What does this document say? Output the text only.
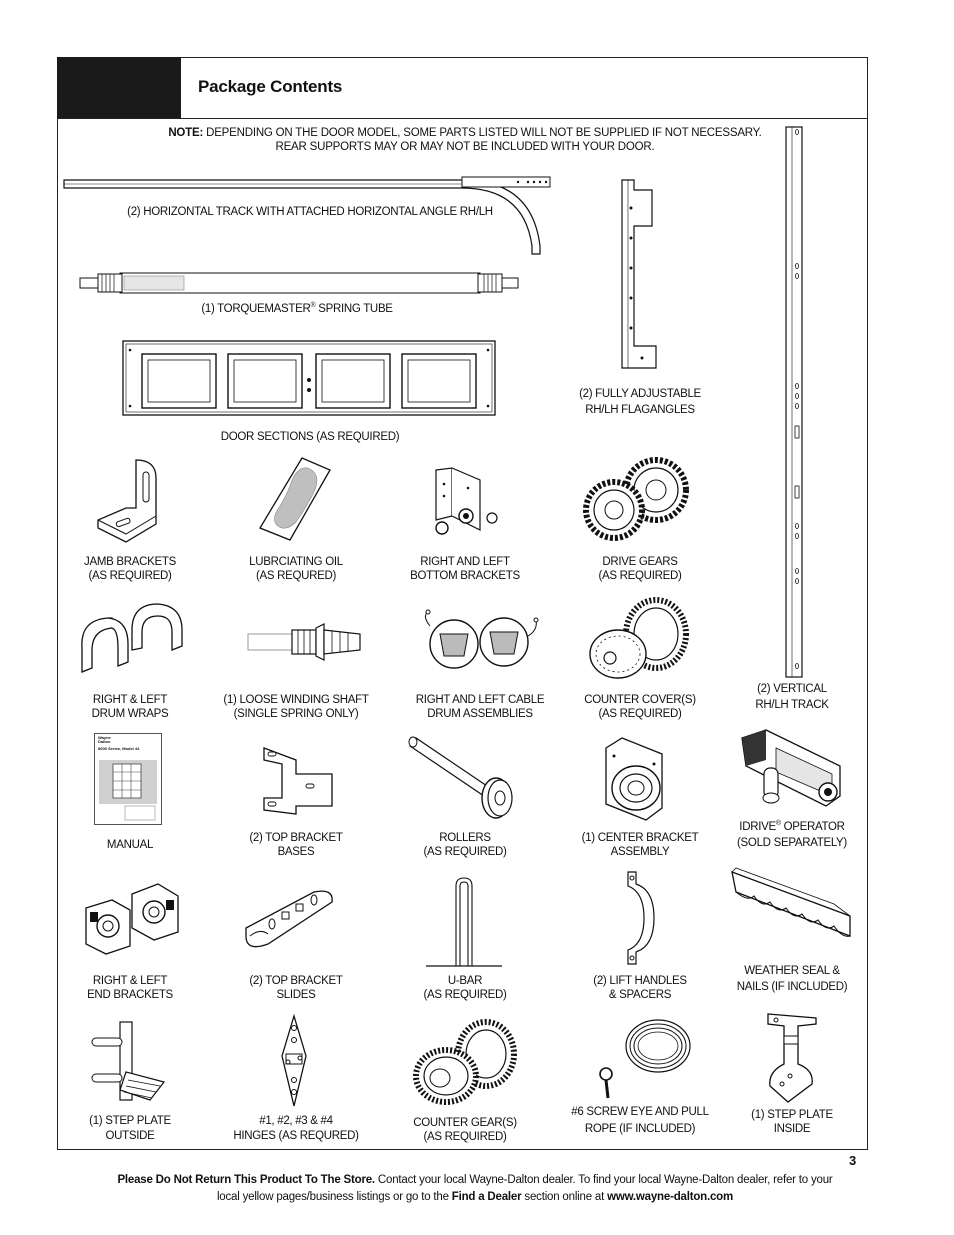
Package Contents
NOTE: DEPENDING ON THE DOOR MODEL, SOME PARTS LISTED WILL NOT BE SUPPLIED IF NOT NECESSARY.
REAR SUPPORTS MAY OR MAY NOT BE INCLUDED WITH YOUR DOOR.
(2) HORIZONTAL TRACK WITH ATTACHED HORIZONTAL ANGLE RH/LH
(1) TORQUEMASTER® SPRING TUBE
DOOR SECTIONS (AS REQUIRED)
(2) FULLY ADJUSTABLE
RH/LH FLAGANGLES
(2) VERTICAL
RH/LH TRACK
JAMB BRACKETS
(AS REQUIRED)
LUBRCIATING OIL
(AS REQURED)
RIGHT AND LEFT
BOTTOM BRACKETS
DRIVE GEARS
(AS REQUIRED)
RIGHT & LEFT
DRUM WRAPS
(1) LOOSE WINDING SHAFT
(SINGLE SPRING ONLY)
RIGHT AND LEFT CABLE
DRUM ASSEMBLIES
COUNTER COVER(S)
(AS REQUIRED)
Wayne Dalton
8000 Series, Model 44
MANUAL
(2) TOP BRACKET
BASES
ROLLERS
(AS REQUIRED)
(1) CENTER BRACKET
ASSEMBLY
IDRIVE® OPERATOR
(SOLD SEPARATELY)
RIGHT & LEFT
END BRACKETS
(2) TOP BRACKET
SLIDES
U-BAR
(AS REQUIRED)
(2) LIFT HANDLES
& SPACERS
WEATHER SEAL &
NAILS (IF INCLUDED)
(1) STEP PLATE
OUTSIDE
#1, #2, #3 & #4
HINGES (AS REQURED)
COUNTER GEAR(S)
(AS REQUIRED)
#6 SCREW EYE AND PULL
ROPE (IF INCLUDED)
(1) STEP PLATE
INSIDE
3
Please Do Not Return This Product To The Store. Contact your local Wayne-Dalton dealer. To find your local Wayne-Dalton dealer, refer to your
local yellow pages/business listings or go to the Find a Dealer section online at www.wayne-dalton.com
